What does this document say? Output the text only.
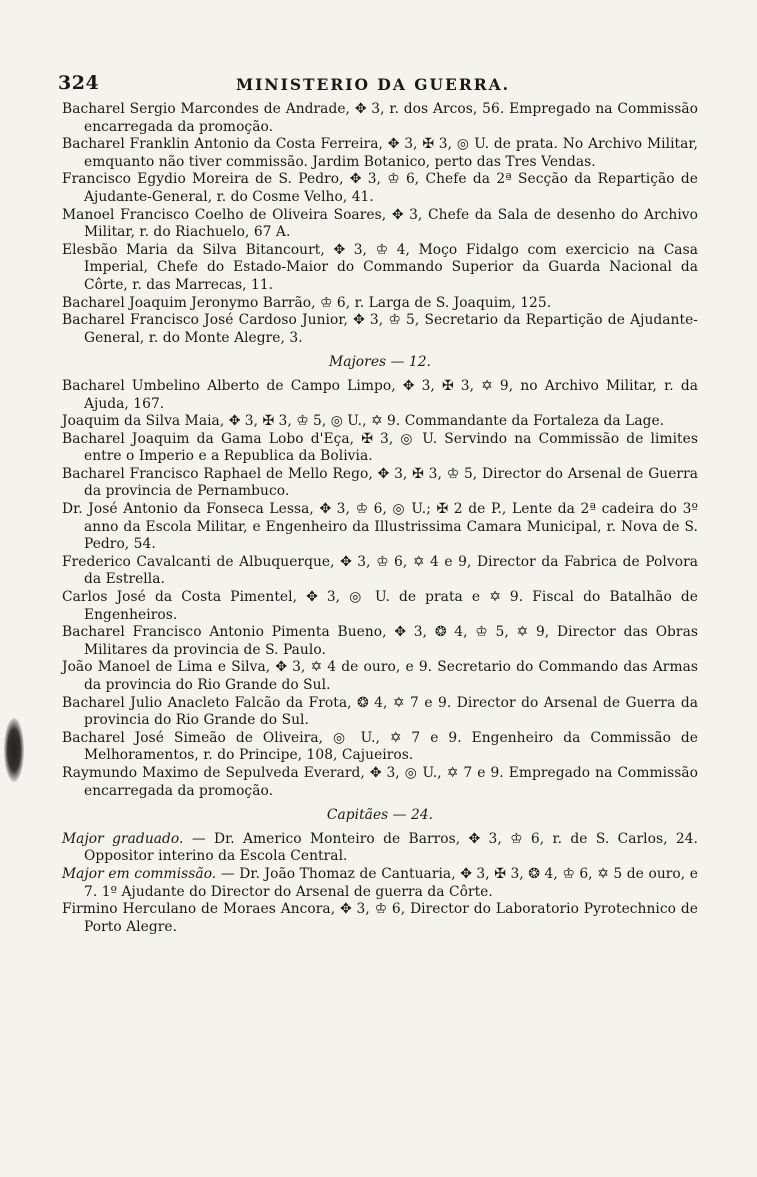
324	MINISTERIO DA GUERRA.

Bacharel Sergio Marcondes de Andrade, ✥ 3, r. dos Arcos, 56. Empregado na Commissão encarregada da promoção.

Bacharel Franklin Antonio da Costa Ferreira, ✥ 3, ✠ 3, ◎ U. de prata. No Archivo Militar, emquanto não tiver commissão. Jardim Botanico, perto das Tres Vendas.

Francisco Egydio Moreira de S. Pedro, ✥ 3, ♔ 6, Chefe da 2ª Secção da Repartição de Ajudante-General, r. do Cosme Velho, 41.

Manoel Francisco Coelho de Oliveira Soares, ✥ 3, Chefe da Sala de desenho do Archivo Militar, r. do Riachuelo, 67 A.

Elesbão Maria da Silva Bitancourt, ✥ 3, ♔ 4, Moço Fidalgo com exercicio na Casa Imperial, Chefe do Estado-Maior do Commando Superior da Guarda Nacional da Côrte, r. das Marrecas, 11.

Bacharel Joaquim Jeronymo Barrão, ♔ 6, r. Larga de S. Joaquim, 125.

Bacharel Francisco José Cardoso Junior, ✥ 3, ♔ 5, Secretario da Repartição de Ajudante-General, r. do Monte Alegre, 3.

Majores — 12.

Bacharel Umbelino Alberto de Campo Limpo, ✥ 3, ✠ 3, ✡ 9, no Archivo Militar, r. da Ajuda, 167.

Joaquim da Silva Maia, ✥ 3, ✠ 3, ♔ 5, ◎ U., ✡ 9. Commandante da Fortaleza da Lage.

Bacharel Joaquim da Gama Lobo d'Eça, ✠ 3, ◎ U. Servindo na Commissão de limites entre o Imperio e a Republica da Bolivia.

Bacharel Francisco Raphael de Mello Rego, ✥ 3, ✠ 3, ♔ 5, Director do Arsenal de Guerra da provincia de Pernambuco.

Dr. José Antonio da Fonseca Lessa, ✥ 3, ♔ 6, ◎ U.; ✠ 2 de P., Lente da 2ª cadeira do 3º anno da Escola Militar, e Engenheiro da Illustrissima Camara Municipal, r. Nova de S. Pedro, 54.

Frederico Cavalcanti de Albuquerque, ✥ 3, ♔ 6, ✡ 4 e 9, Director da Fabrica de Polvora da Estrella.

Carlos José da Costa Pimentel, ✥ 3, ◎ U. de prata e ✡ 9. Fiscal do Batalhão de Engenheiros.

Bacharel Francisco Antonio Pimenta Bueno, ✥ 3, ❂ 4, ♔ 5, ✡ 9, Director das Obras Militares da provincia de S. Paulo.

João Manoel de Lima e Silva, ✥ 3, ✡ 4 de ouro, e 9. Secretario do Commando das Armas da provincia do Rio Grande do Sul.

Bacharel Julio Anacleto Falcão da Frota, ❂ 4, ✡ 7 e 9. Director do Arsenal de Guerra da provincia do Rio Grande do Sul.

Bacharel José Simeão de Oliveira, ◎ U., ✡ 7 e 9. Engenheiro da Commissão de Melhoramentos, r. do Principe, 108, Cajueiros.

Raymundo Maximo de Sepulveda Everard, ✥ 3, ◎ U., ✡ 7 e 9. Empregado na Commissão encarregada da promoção.

Capitães — 24.

Major graduado. — Dr. Americo Monteiro de Barros, ✥ 3, ♔ 6, r. de S. Carlos, 24. Oppositor interino da Escola Central.

Major em commissão. — Dr. João Thomaz de Cantuaria, ✥ 3, ✠ 3, ❂ 4, ♔ 6, ✡ 5 de ouro, e 7. 1º Ajudante do Director do Arsenal de guerra da Côrte.

Firmino Herculano de Moraes Ancora, ✥ 3, ♔ 6, Director do Laboratorio Pyrotechnico de Porto Alegre.
